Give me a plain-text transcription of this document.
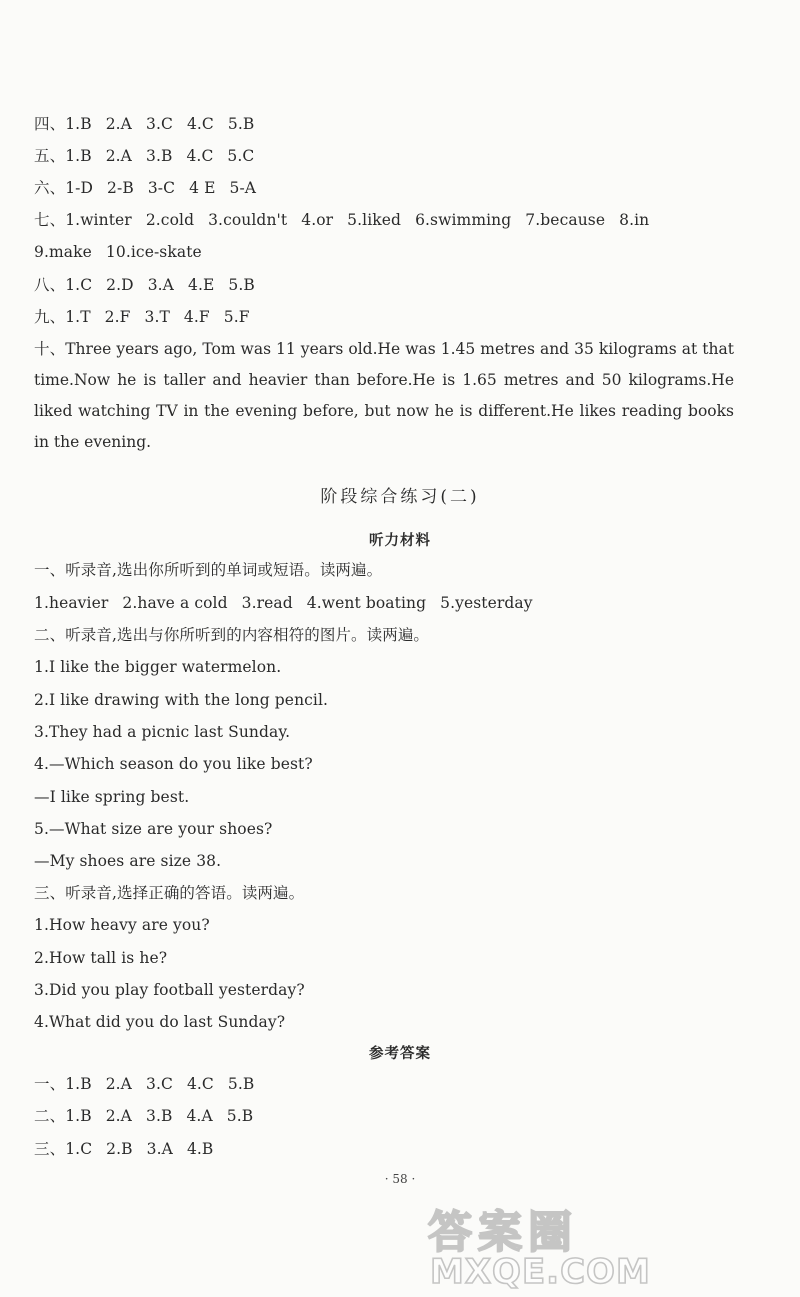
四、1.B 2.A 3.C 4.C 5.B
五、1.B 2.A 3.B 4.C 5.C
六、1-D 2-B 3-C 4 E 5-A
七、1.winter 2.cold 3.couldn't 4.or 5.liked 6.swimming 7.because 8.in
9.make 10.ice-skate
八、1.C 2.D 3.A 4.E 5.B
九、1.T 2.F 3.T 4.F 5.F
十、Three years ago, Tom was 11 years old.He was 1.45 metres and 35 kilograms at that time.Now he is taller and heavier than before.He is 1.65 metres and 50 kilograms.He liked watching TV in the evening before, but now he is different.He likes reading books in the evening.
阶段综合练习(二)
听力材料
一、听录音,选出你所听到的单词或短语。读两遍。
1.heavier 2.have a cold 3.read 4.went boating 5.yesterday
二、听录音,选出与你所听到的内容相符的图片。读两遍。
1.I like the bigger watermelon.
2.I like drawing with the long pencil.
3.They had a picnic last Sunday.
4.—Which season do you like best?
—I like spring best.
5.—What size are your shoes?
—My shoes are size 38.
三、听录音,选择正确的答语。读两遍。
1.How heavy are you?
2.How tall is he?
3.Did you play football yesterday?
4.What did you do last Sunday?
参考答案
一、1.B 2.A 3.C 4.C 5.B
二、1.B 2.A 3.B 4.A 5.B
三、1.C 2.B 3.A 4.B
· 58 ·
答案圈
MXQE.COM
